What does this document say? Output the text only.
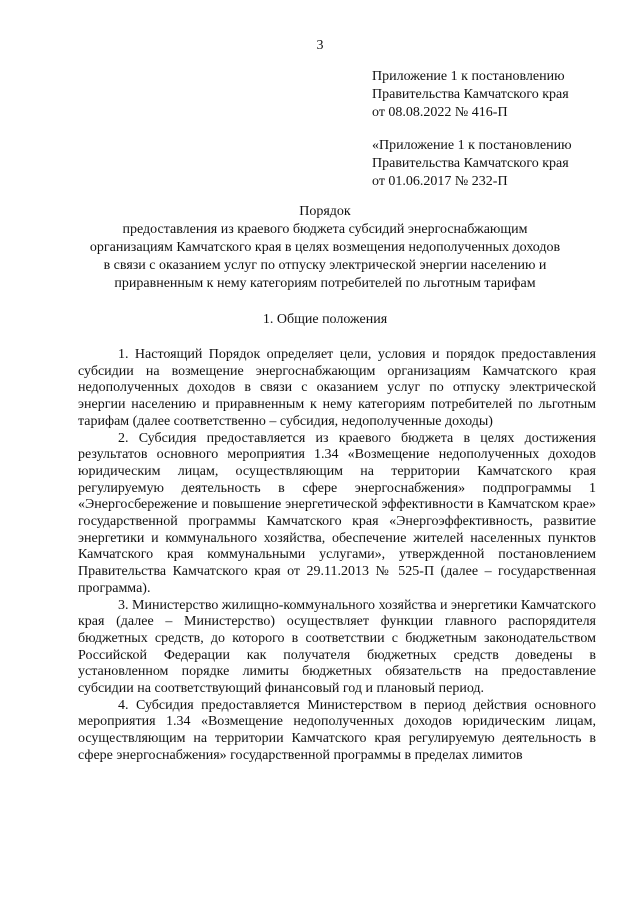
3
Приложение 1 к постановлению
Правительства Камчатского края
от 08.08.2022 № 416-П
«Приложение 1 к постановлению
Правительства Камчатского края
от 01.06.2017 № 232-П
Порядок
предоставления из краевого бюджета субсидий энергоснабжающим
организациям Камчатского края в целях возмещения недополученных доходов
в связи с оказанием услуг по отпуску электрической энергии населению и
приравненным к нему категориям потребителей по льготным тарифам
1. Общие положения

1. Настоящий Порядок определяет цели, условия и порядок предоставления субсидии на возмещение энергоснабжающим организациям Камчатского края недополученных доходов в связи с оказанием услуг по отпуску электрической энергии населению и приравненным к нему категориям потребителей по льготным тарифам (далее соответственно – субсидия, недополученные доходы)

2. Субсидия предоставляется из краевого бюджета в целях достижения результатов основного мероприятия 1.34 «Возмещение недополученных доходов юридическим лицам, осуществляющим на территории Камчатского края регулируемую деятельность в сфере энергоснабжения» подпрограммы 1 «Энергосбережение и повышение энергетической эффективности в Камчатском крае» государственной программы Камчатского края «Энергоэффективность, развитие энергетики и коммунального хозяйства, обеспечение жителей населенных пунктов Камчатского края коммунальными услугами», утвержденной постановлением Правительства Камчатского края от 29.11.2013 № 525-П (далее – государственная программа).

3. Министерство жилищно-коммунального хозяйства и энергетики Камчатского края (далее – Министерство) осуществляет функции главного распорядителя бюджетных средств, до которого в соответствии с бюджетным законодательством Российской Федерации как получателя бюджетных средств доведены в установленном порядке лимиты бюджетных обязательств на предоставление субсидии на соответствующий финансовый год и плановый период.

4. Субсидия предоставляется Министерством в период действия основного мероприятия 1.34 «Возмещение недополученных доходов юридическим лицам, осуществляющим на территории Камчатского края регулируемую деятельность в сфере энергоснабжения» государственной программы в пределах лимитов
